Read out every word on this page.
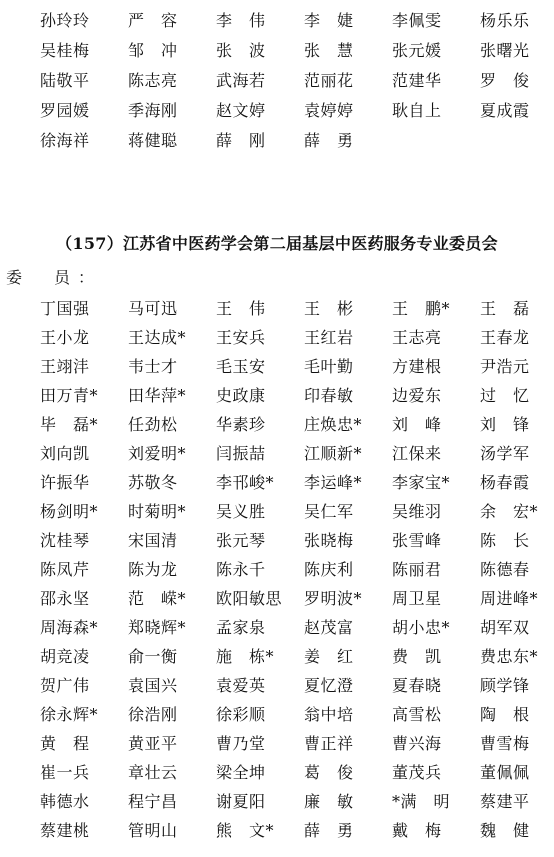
孙玲玲	严　容	李　伟	李　婕	李佩雯	杨乐乐
吴桂梅	邹　冲	张　波	张　慧	张元媛	张曙光
陆敬平	陈志亮	武海若	范丽花	范建华	罗　俊
罗园媛	季海刚	赵文婷	袁婷婷	耿自上	夏成霞
徐海祥	蒋健聪	薛　刚	薛　勇
（157）江苏省中医药学会第二届基层中医药服务专业委员会
委　员：
丁国强	马可迅	王　伟	王　彬	王　鹏*	王　磊
王小龙	王达成*	王安兵	王红岩	王志亮	王春龙
王翊沣	韦士才	毛玉安	毛叶勤	方建根	尹浩元
田万青*	田华萍*	史政康	印春敏	边爱东	过　忆
毕　磊*	任劲松	华素珍	庄焕忠*	刘　峰	刘　锋
刘向凯	刘爱明*	闫振喆	江顺新*	江保来	汤学军
许振华	苏敬冬	李邗峻*	李运峰*	李家宝*	杨春霞
杨剑明*	时菊明*	吴义胜	吴仁军	吴维羽	余　宏*
沈桂琴	宋国清	张元琴	张晓梅	张雪峰	陈　长
陈凤芹	陈为龙	陈永千	陈庆利	陈丽君	陈德春
邵永坚	范　嵘*	欧阳敏思	罗明波*	周卫星	周进峰*
周海森*	郑晓辉*	孟家泉	赵茂富	胡小忠*	胡军双
胡竞凌	俞一衡	施　栋*	姜　红	费　凯	费忠东*
贺广伟	袁国兴	袁爱英	夏忆澄	夏春晓	顾学锋
徐永辉*	徐浩刚	徐彩顺	翁中培	高雪松	陶　根
黄　程	黄亚平	曹乃堂	曹正祥	曹兴海	曹雪梅
崔一兵	章壮云	梁全坤	葛　俊	董茂兵	董佩佩
韩德水	程宁昌	谢夏阳	廉　敏	*满　明	蔡建平
蔡建桃	管明山	熊　文*	薛　勇	戴　梅	魏　健
